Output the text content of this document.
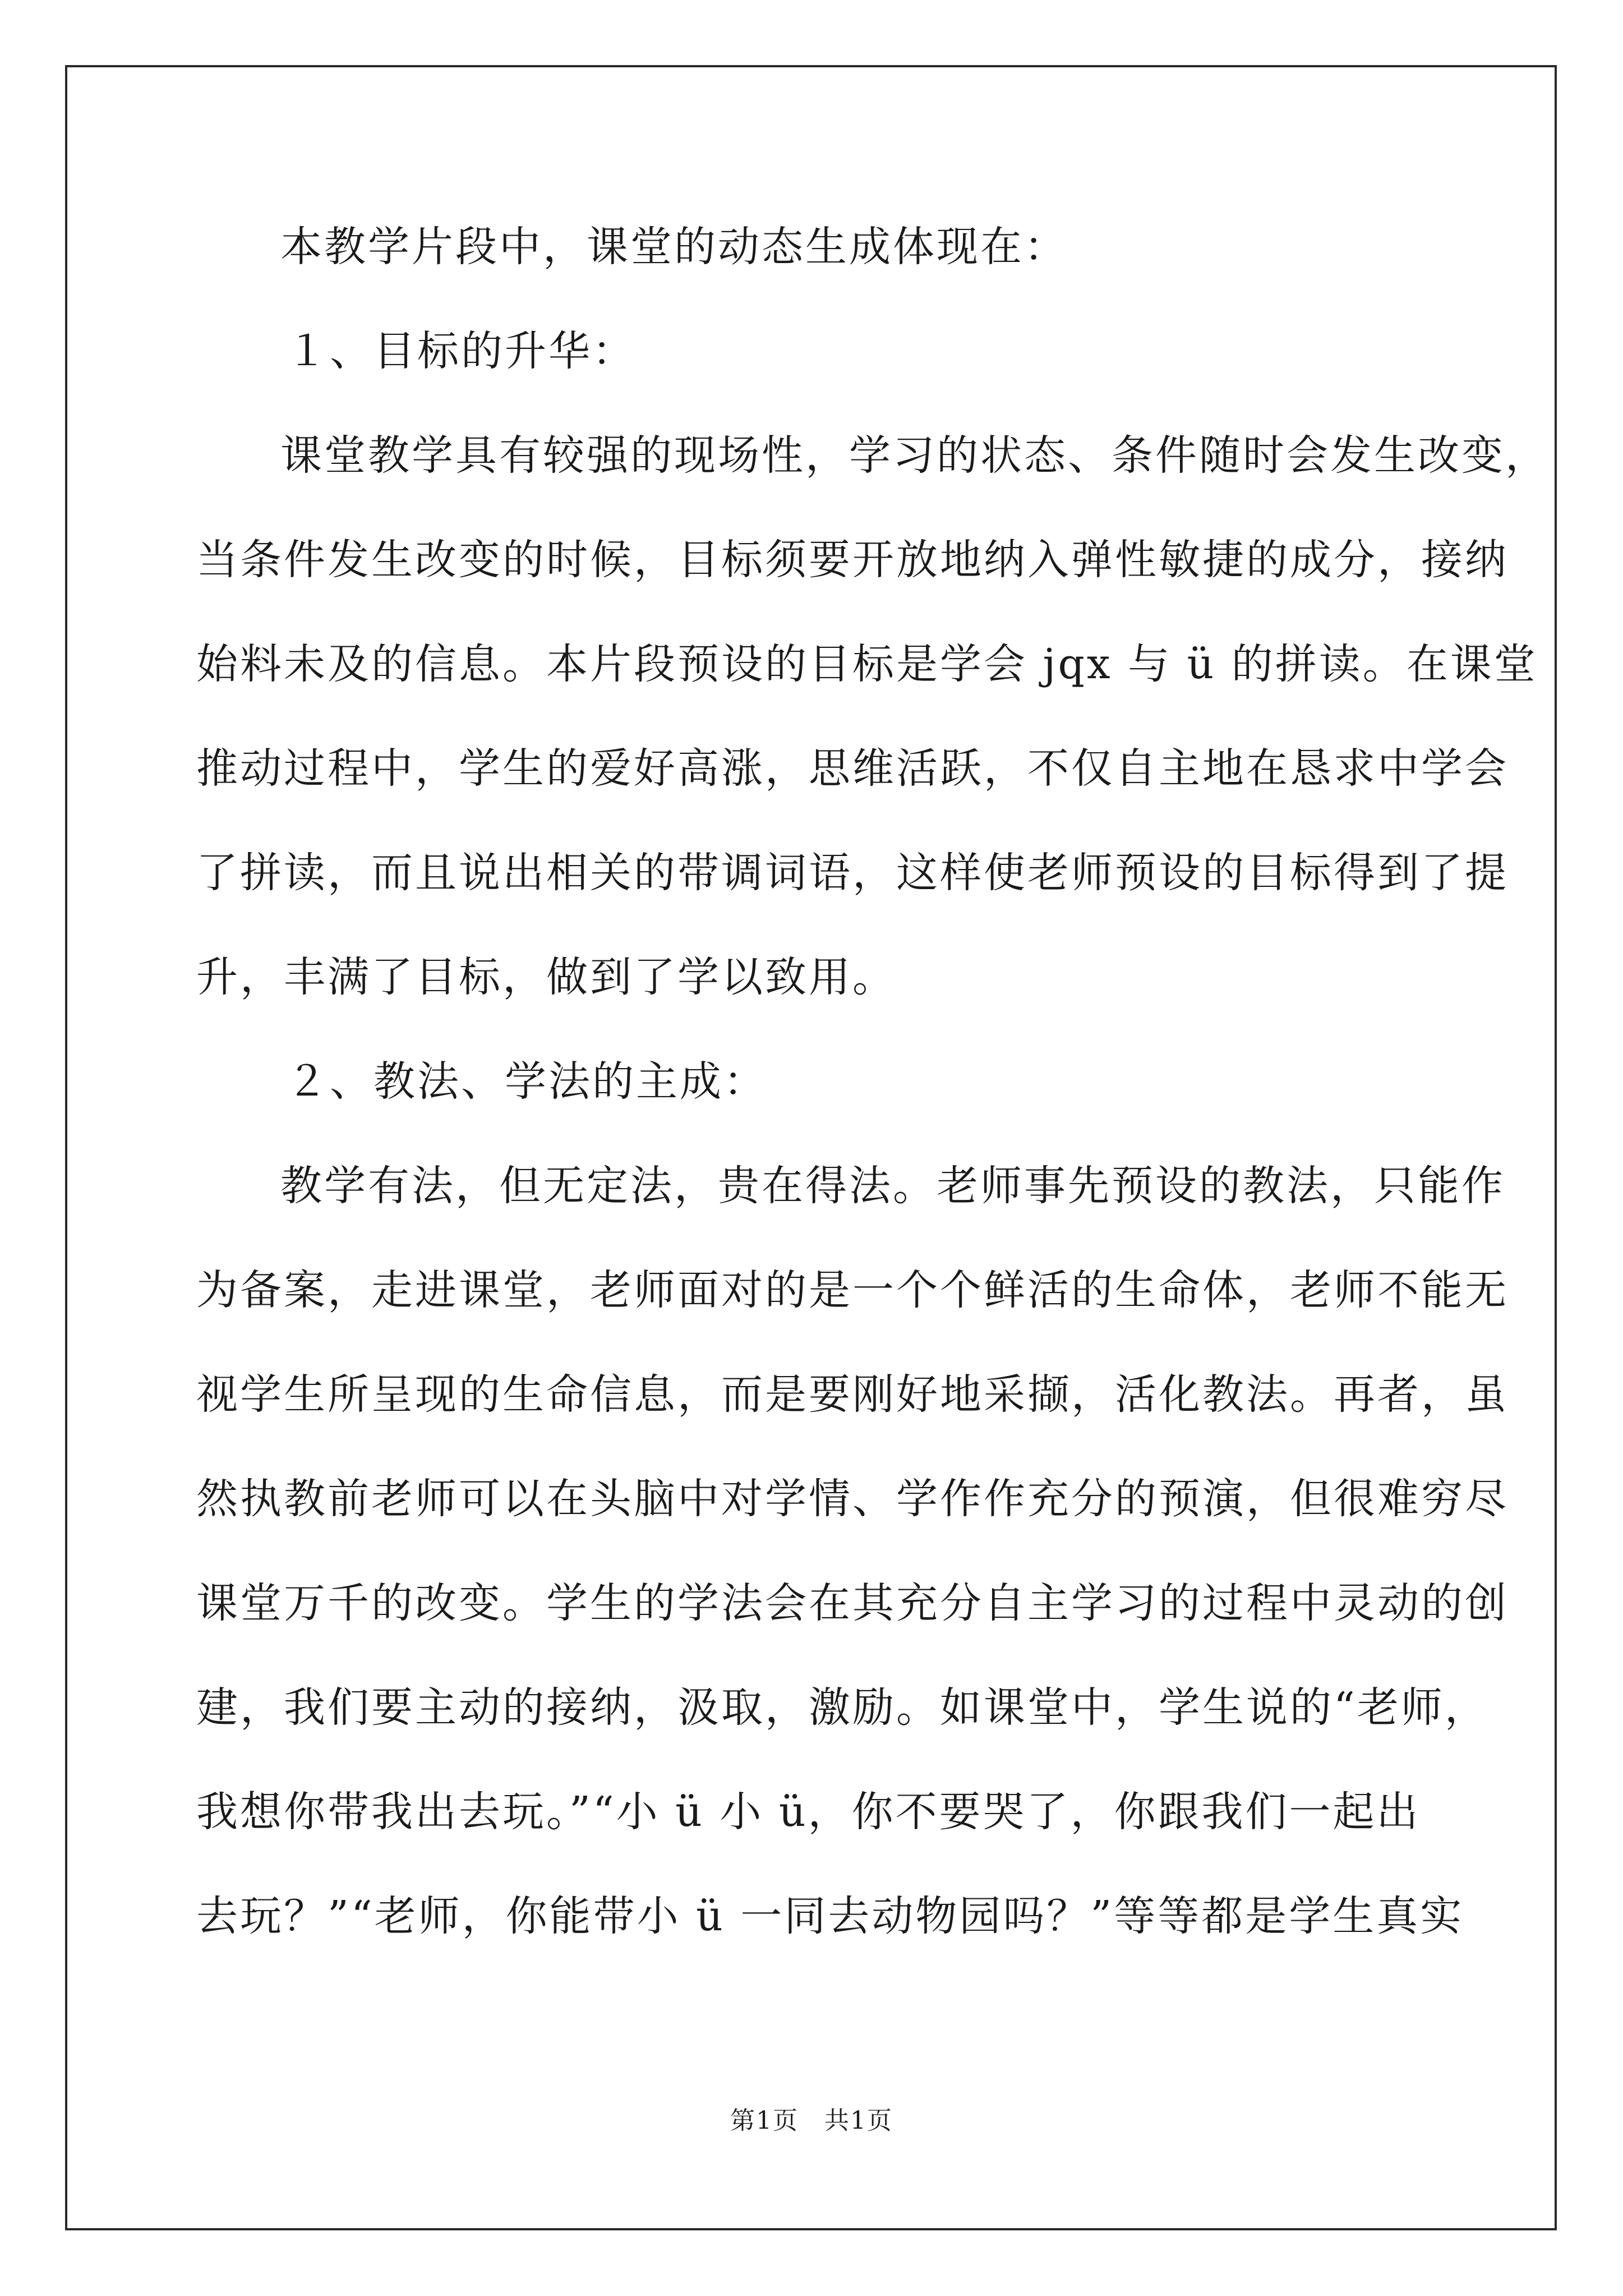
本教学片段中，课堂的动态生成体现在：

１、目标的升华：

课堂教学具有较强的现场性，学习的状态、条件随时会发生改变，

当条件发生改变的时候，目标须要开放地纳入弹性敏捷的成分，接纳

始料未及的信息。本片段预设的目标是学会 jqx 与 ü 的拼读。在课堂

推动过程中，学生的爱好高涨，思维活跃，不仅自主地在恳求中学会

了拼读，而且说出相关的带调词语，这样使老师预设的目标得到了提

升，丰满了目标，做到了学以致用。

２、教法、学法的主成：

教学有法，但无定法，贵在得法。老师事先预设的教法，只能作

为备案，走进课堂，老师面对的是一个个鲜活的生命体，老师不能无

视学生所呈现的生命信息，而是要刚好地采撷，活化教法。再者，虽

然执教前老师可以在头脑中对学情、学作作充分的预演，但很难穷尽

课堂万千的改变。学生的学法会在其充分自主学习的过程中灵动的创

建，我们要主动的接纳，汲取，激励。如课堂中，学生说的“老师，

我想你带我出去玩。”“小 ü 小 ü，你不要哭了，你跟我们一起出

去玩？”“老师，你能带小 ü 一同去动物园吗？”等等都是学生真实

第1页　共1页
